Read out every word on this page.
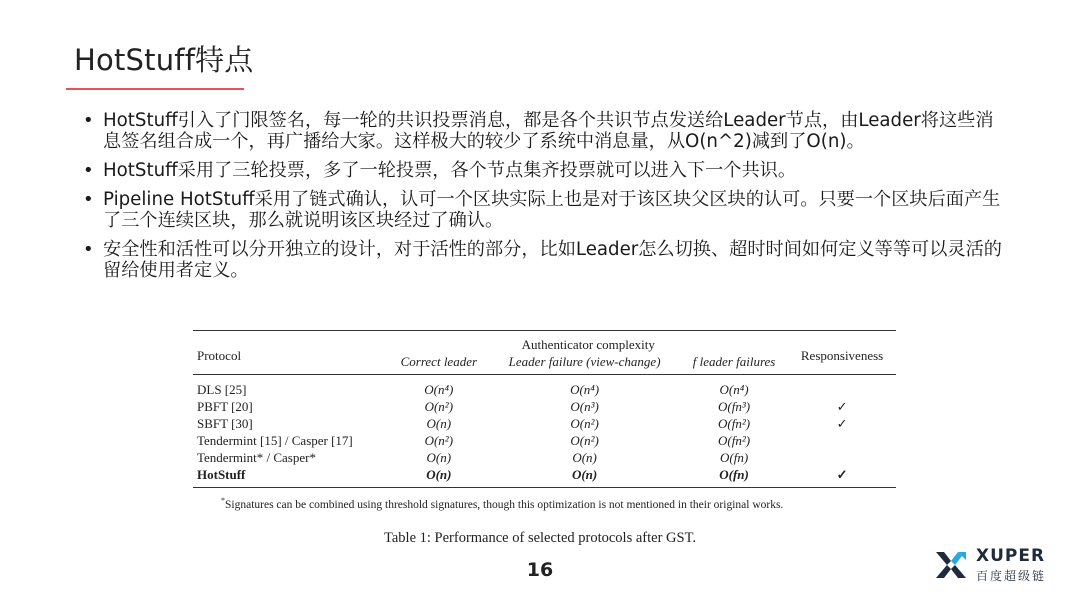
HotStuff特点
• HotStuff引入了门限签名，每一轮的共识投票消息，都是各个共识节点发送给Leader节点，由Leader将这些消息签名组合成一个，再广播给大家。这样极大的较少了系统中消息量，从O(n^2)减到了O(n)。
• HotStuff采用了三轮投票，多了一轮投票，各个节点集齐投票就可以进入下一个共识。
• Pipeline HotStuff采用了链式确认，认可一个区块实际上也是对于该区块父区块的认可。只要一个区块后面产生了三个连续区块，那么就说明该区块经过了确认。
• 安全性和活性可以分开独立的设计，对于活性的部分，比如Leader怎么切换、超时时间如何定义等等可以灵活的留给使用者定义。
Protocol	Authenticator complexity			Responsiveness
	Correct leader	Leader failure (view-change)	f leader failures	
DLS [25]	O(n⁴)	O(n⁴)	O(n⁴)	
PBFT [20]	O(n²)	O(n³)	O(fn³)	✓
SBFT [30]	O(n)	O(n²)	O(fn²)	✓
Tendermint [15] / Casper [17]	O(n²)	O(n²)	O(fn²)	
Tendermint* / Casper*	O(n)	O(n)	O(fn)	
HotStuff	O(n)	O(n)	O(fn)	✓
*Signatures can be combined using threshold signatures, though this optimization is not mentioned in their original works.
Table 1: Performance of selected protocols after GST.
16
XUPER
百度超级链
